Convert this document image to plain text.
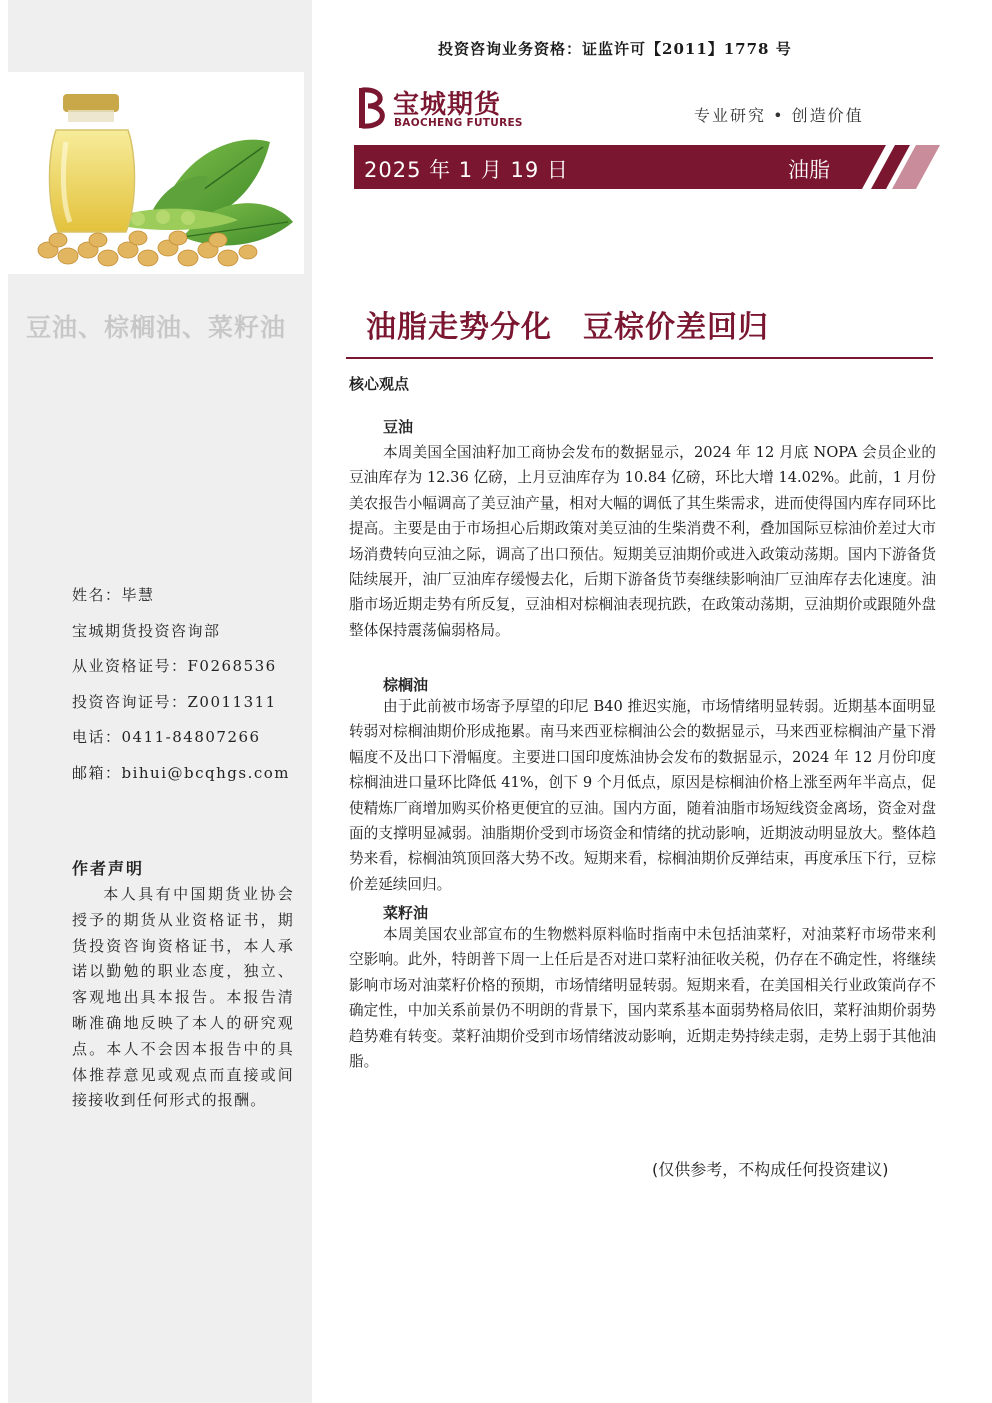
豆油、棕榈油、菜籽油
姓名：毕慧
宝城期货投资咨询部
从业资格证号：F0268536
投资咨询证号：Z0011311
电话：0411-84807266
邮箱：bihui@bcqhgs.com
作者声明
本人具有中国期货业协会授予的期货从业资格证书，期货投资咨询资格证书，本人承诺以勤勉的职业态度，独立、客观地出具本报告。本报告清晰准确地反映了本人的研究观点。本人不会因本报告中的具体推荐意见或观点而直接或间接接收到任何形式的报酬。
投资咨询业务资格：证监许可【2011】1778 号
宝城期货
BAOCHENG FUTURES	专业研究 • 创造价值
2025 年 1 月 19 日	油脂
油脂走势分化　豆棕价差回归
核心观点
豆油
本周美国全国油籽加工商协会发布的数据显示，2024 年 12 月底 NOPA 会员企业的豆油库存为 12.36 亿磅，上月豆油库存为 10.84 亿磅，环比大增 14.02%。此前，1 月份美农报告小幅调高了美豆油产量，相对大幅的调低了其生柴需求，进而使得国内库存同环比提高。主要是由于市场担心后期政策对美豆油的生柴消费不利，叠加国际豆棕油价差过大市场消费转向豆油之际，调高了出口预估。短期美豆油期价或进入政策动荡期。国内下游备货陆续展开，油厂豆油库存缓慢去化，后期下游备货节奏继续影响油厂豆油库存去化速度。油脂市场近期走势有所反复，豆油相对棕榈油表现抗跌，在政策动荡期，豆油期价或跟随外盘整体保持震荡偏弱格局。
棕榈油
由于此前被市场寄予厚望的印尼 B40 推迟实施，市场情绪明显转弱。近期基本面明显转弱对棕榈油期价形成拖累。南马来西亚棕榈油公会的数据显示，马来西亚棕榈油产量下滑幅度不及出口下滑幅度。主要进口国印度炼油协会发布的数据显示，2024 年 12 月份印度棕榈油进口量环比降低 41%，创下 9 个月低点，原因是棕榈油价格上涨至两年半高点，促使精炼厂商增加购买价格更便宜的豆油。国内方面，随着油脂市场短线资金离场，资金对盘面的支撑明显减弱。油脂期价受到市场资金和情绪的扰动影响，近期波动明显放大。整体趋势来看，棕榈油筑顶回落大势不改。短期来看，棕榈油期价反弹结束，再度承压下行，豆棕价差延续回归。
菜籽油
本周美国农业部宣布的生物燃料原料临时指南中未包括油菜籽，对油菜籽市场带来利空影响。此外，特朗普下周一上任后是否对进口菜籽油征收关税，仍存在不确定性，将继续影响市场对油菜籽价格的预期，市场情绪明显转弱。短期来看，在美国相关行业政策尚存不确定性，中加关系前景仍不明朗的背景下，国内菜系基本面弱势格局依旧，菜籽油期价弱势趋势难有转变。菜籽油期价受到市场情绪波动影响，近期走势持续走弱，走势上弱于其他油脂。
(仅供参考，不构成任何投资建议)
